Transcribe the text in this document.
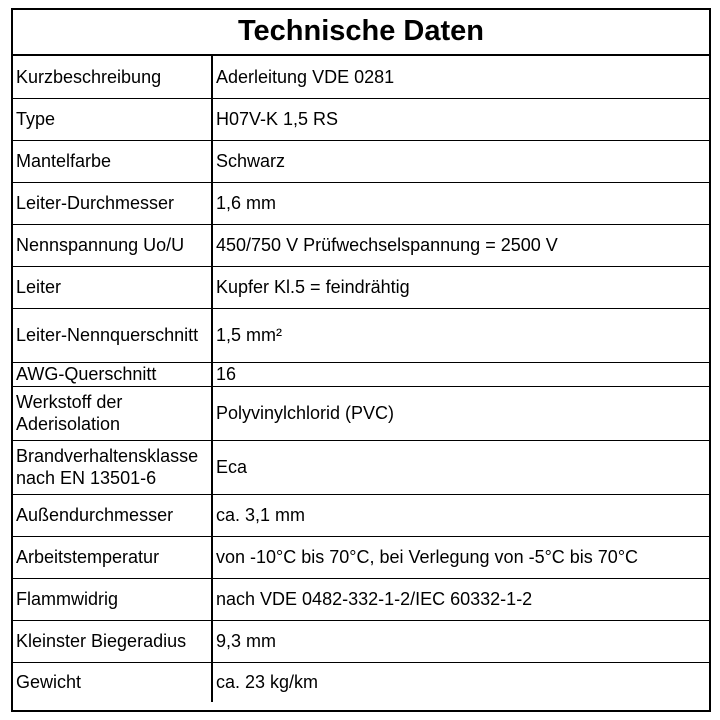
Technische Daten
Kurzbeschreibung	Aderleitung VDE 0281
Type	H07V-K 1,5 RS
Mantelfarbe	Schwarz
Leiter-Durchmesser	1,6 mm
Nennspannung Uo/U	450/750 V Prüfwechselspannung = 2500 V
Leiter	Kupfer Kl.5 = feindrähtig
Leiter-Nennquerschnitt	1,5 mm²
AWG-Querschnitt	16
Werkstoff der Aderisolation	Polyvinylchlorid (PVC)
Brandverhaltensklasse nach EN 13501-6	Eca
Außendurchmesser	ca. 3,1 mm
Arbeitstemperatur	von -10°C bis 70°C, bei Verlegung von -5°C bis 70°C
Flammwidrig	nach VDE 0482-332-1-2/IEC 60332-1-2
Kleinster Biegeradius	9,3 mm
Gewicht	ca. 23 kg/km
